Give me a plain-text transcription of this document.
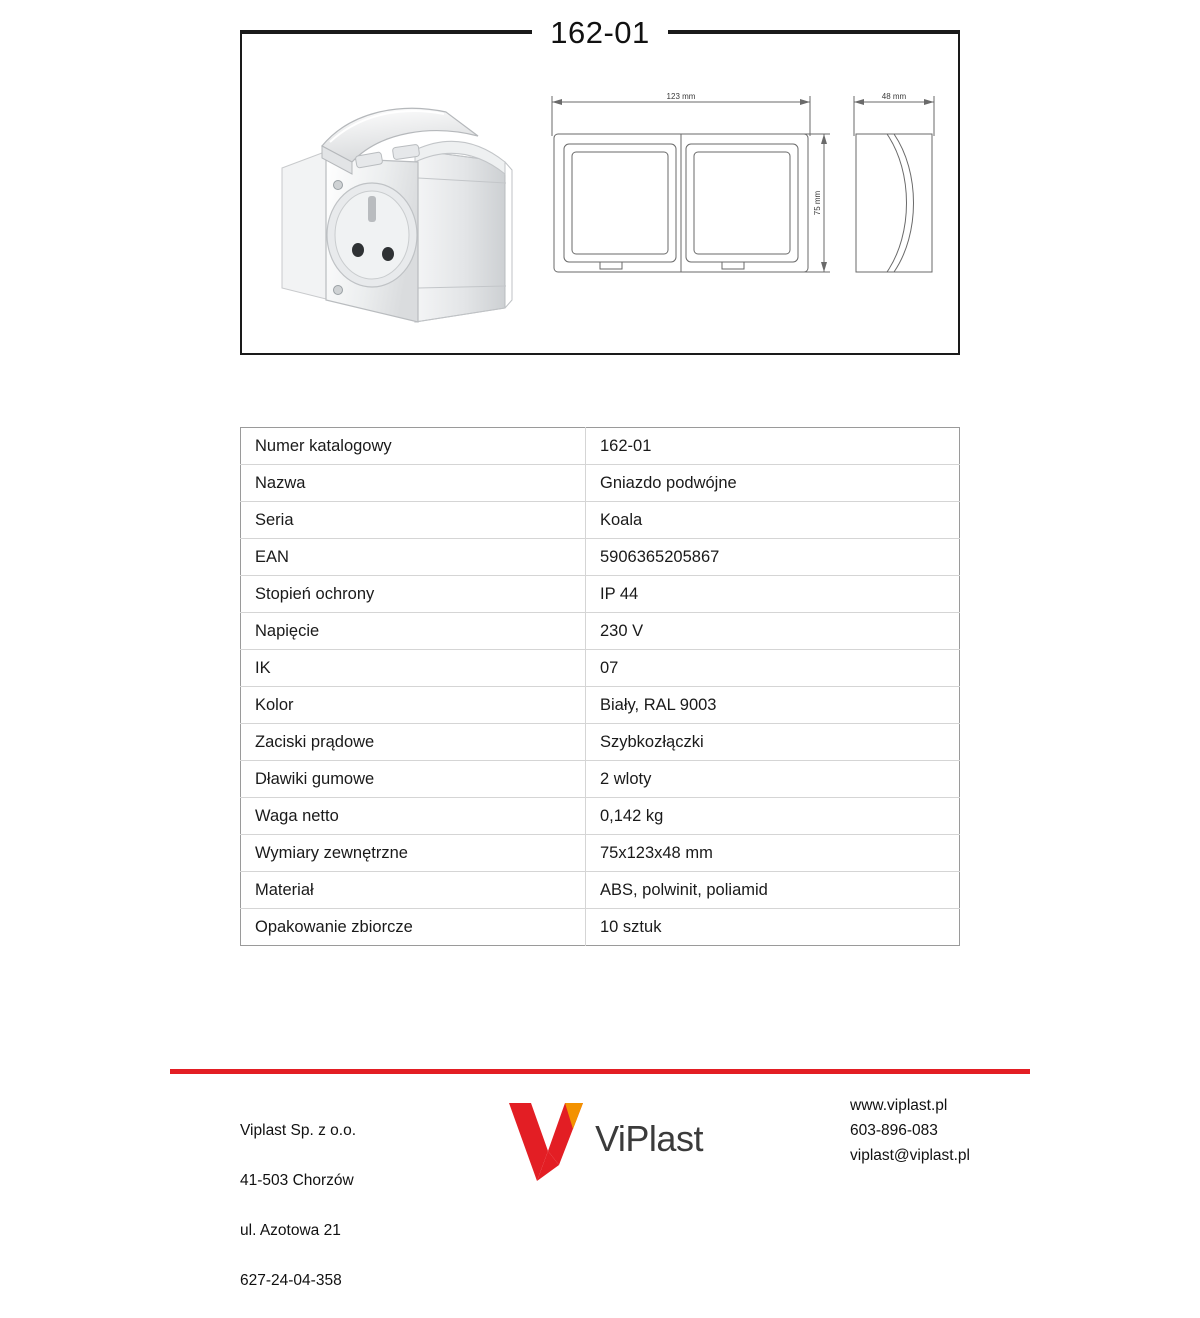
123 mm	48 mm
75 mm
162-01
Numer katalogowy	162-01
Nazwa	Gniazdo podwójne
Seria	Koala
EAN	5906365205867
Stopień ochrony	IP 44
Napięcie	230 V
IK	07
Kolor	Biały, RAL 9003
Zaciski prądowe	Szybkozłączki
Dławiki gumowe	2 wloty
Waga netto	0,142 kg
Wymiary zewnętrzne	75x123x48 mm
Materiał	ABS, polwinit, poliamid
Opakowanie zbiorcze	10 sztuk

Viplast Sp. z o.o.

41-503 Chorzów

ul. Azotowa 21

627-24-04-358

ViPlast
www.viplast.pl
603-896-083
viplast@viplast.pl
